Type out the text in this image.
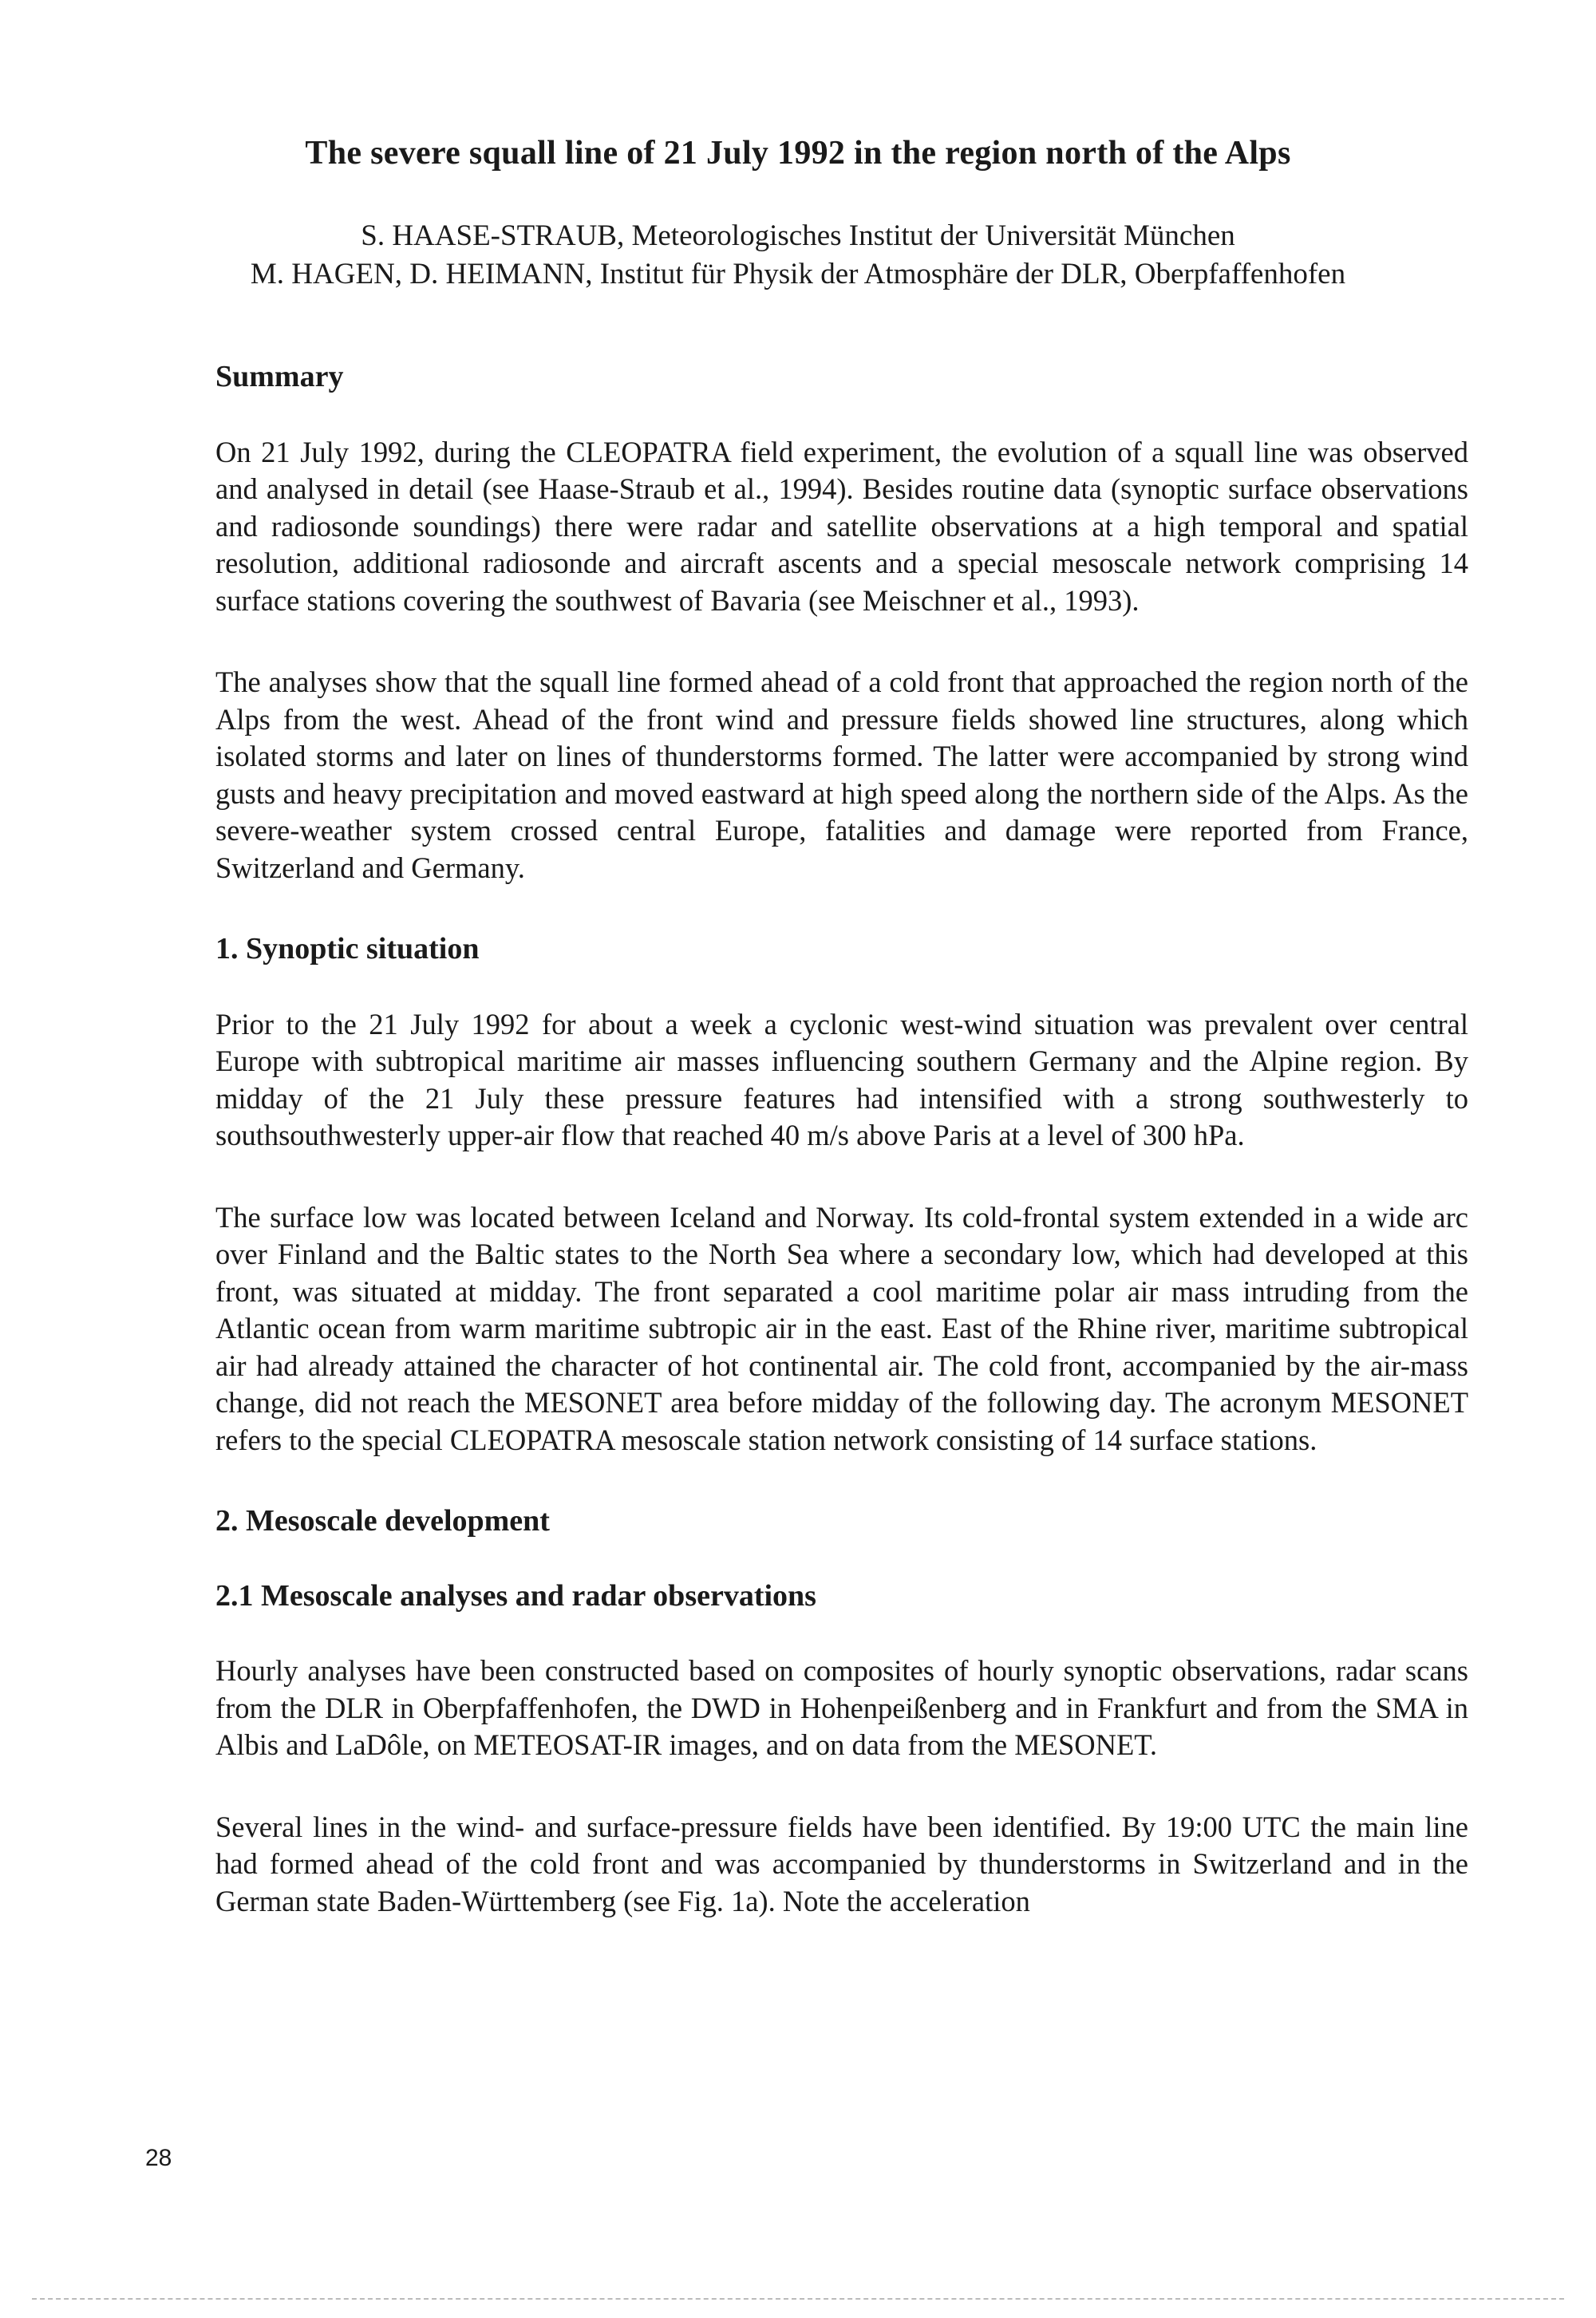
The severe squall line of 21 July 1992 in the region north of the Alps
S. HAASE-STRAUB, Meteorologisches Institut der Universität München
M. HAGEN, D. HEIMANN, Institut für Physik der Atmosphäre der DLR, Oberpfaffenhofen
Summary

On 21 July 1992, during the CLEOPATRA field experiment, the evolution of a squall line was observed and analysed in detail (see Haase-Straub et al., 1994). Besides routine data (synoptic surface observations and radiosonde soundings) there were radar and satellite observations at a high temporal and spatial resolution, additional radiosonde and aircraft ascents and a special mesoscale network comprising 14 surface stations covering the southwest of Bavaria (see Meischner et al., 1993).

The analyses show that the squall line formed ahead of a cold front that approached the region north of the Alps from the west. Ahead of the front wind and pressure fields showed line structures, along which isolated storms and later on lines of thunderstorms formed. The latter were accompanied by strong wind gusts and heavy precipitation and moved eastward at high speed along the northern side of the Alps. As the severe-weather system crossed central Europe, fatalities and damage were reported from France, Switzerland and Germany.

1. Synoptic situation

Prior to the 21 July 1992 for about a week a cyclonic west-wind situation was prevalent over central Europe with subtropical maritime air masses influencing southern Germany and the Alpine region. By midday of the 21 July these pressure features had intensified with a strong southwesterly to southsouthwesterly upper-air flow that reached 40 m/s above Paris at a level of 300 hPa.

The surface low was located between Iceland and Norway. Its cold-frontal system extended in a wide arc over Finland and the Baltic states to the North Sea where a secondary low, which had developed at this front, was situated at midday. The front separated a cool maritime polar air mass intruding from the Atlantic ocean from warm maritime subtropic air in the east. East of the Rhine river, maritime subtropical air had already attained the character of hot continental air. The cold front, accompanied by the air-mass change, did not reach the MESONET area before midday of the following day. The acronym MESONET refers to the special CLEOPATRA mesoscale station network consisting of 14 surface stations.

2. Mesoscale development
2.1 Mesoscale analyses and radar observations

Hourly analyses have been constructed based on composites of hourly synoptic observations, radar scans from the DLR in Oberpfaffenhofen, the DWD in Hohenpeißenberg and in Frankfurt and from the SMA in Albis and LaDôle, on METEOSAT-IR images, and on data from the MESONET.

Several lines in the wind- and surface-pressure fields have been identified. By 19:00 UTC the main line had formed ahead of the cold front and was accompanied by thunderstorms in Switzerland and in the German state Baden-Württemberg (see Fig. 1a). Note the acceleration

28
